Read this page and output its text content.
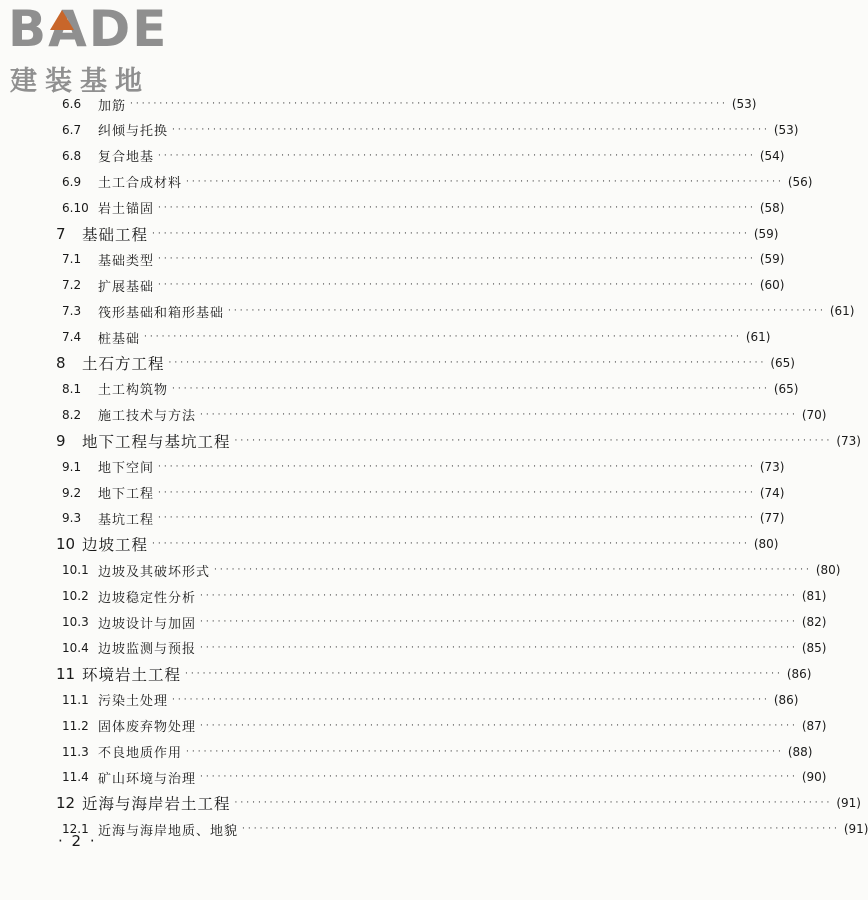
BADE
建装基地
6.6	加筋 ······································································································ (53)
6.7	纠倾与托换 ······································································································ (53)
6.8	复合地基 ······································································································ (54)
6.9	土工合成材料 ······································································································ (56)
6.10 岩土锚固 ······································································································ (58)
7	基础工程 ······································································································ (59)
7.1	基础类型 ······································································································ (59)
7.2	扩展基础 ······································································································ (60)
7.3	筏形基础和箱形基础 ······································································································ (61)
7.4	桩基础 ······································································································ (61)
8	土石方工程 ······································································································ (65)
8.1	土工构筑物 ······································································································ (65)
8.2	施工技术与方法 ······································································································ (70)
9	地下工程与基坑工程 ······································································································ (73)
9.1	地下空间 ······································································································ (73)
9.2	地下工程 ······································································································ (74)
9.3	基坑工程 ······································································································ (77)
10 边坡工程 ······································································································ (80)
10.1 边坡及其破坏形式 ······································································································ (80)
10.2 边坡稳定性分析 ······································································································ (81)
10.3 边坡设计与加固 ······································································································ (82)
10.4 边坡监测与预报 ······································································································ (85)
11 环境岩土工程 ······································································································ (86)
11.1 污染土处理 ······································································································ (86)
11.2 固体废弃物处理 ······································································································ (87)
11.3 不良地质作用 ······································································································ (88)
11.4 矿山环境与治理 ······································································································ (90)
12 近海与海岸岩土工程 ······································································································ (91)
12.1 近海与海岸地质、地貌 ······································································································ (91)
· 2 ·
